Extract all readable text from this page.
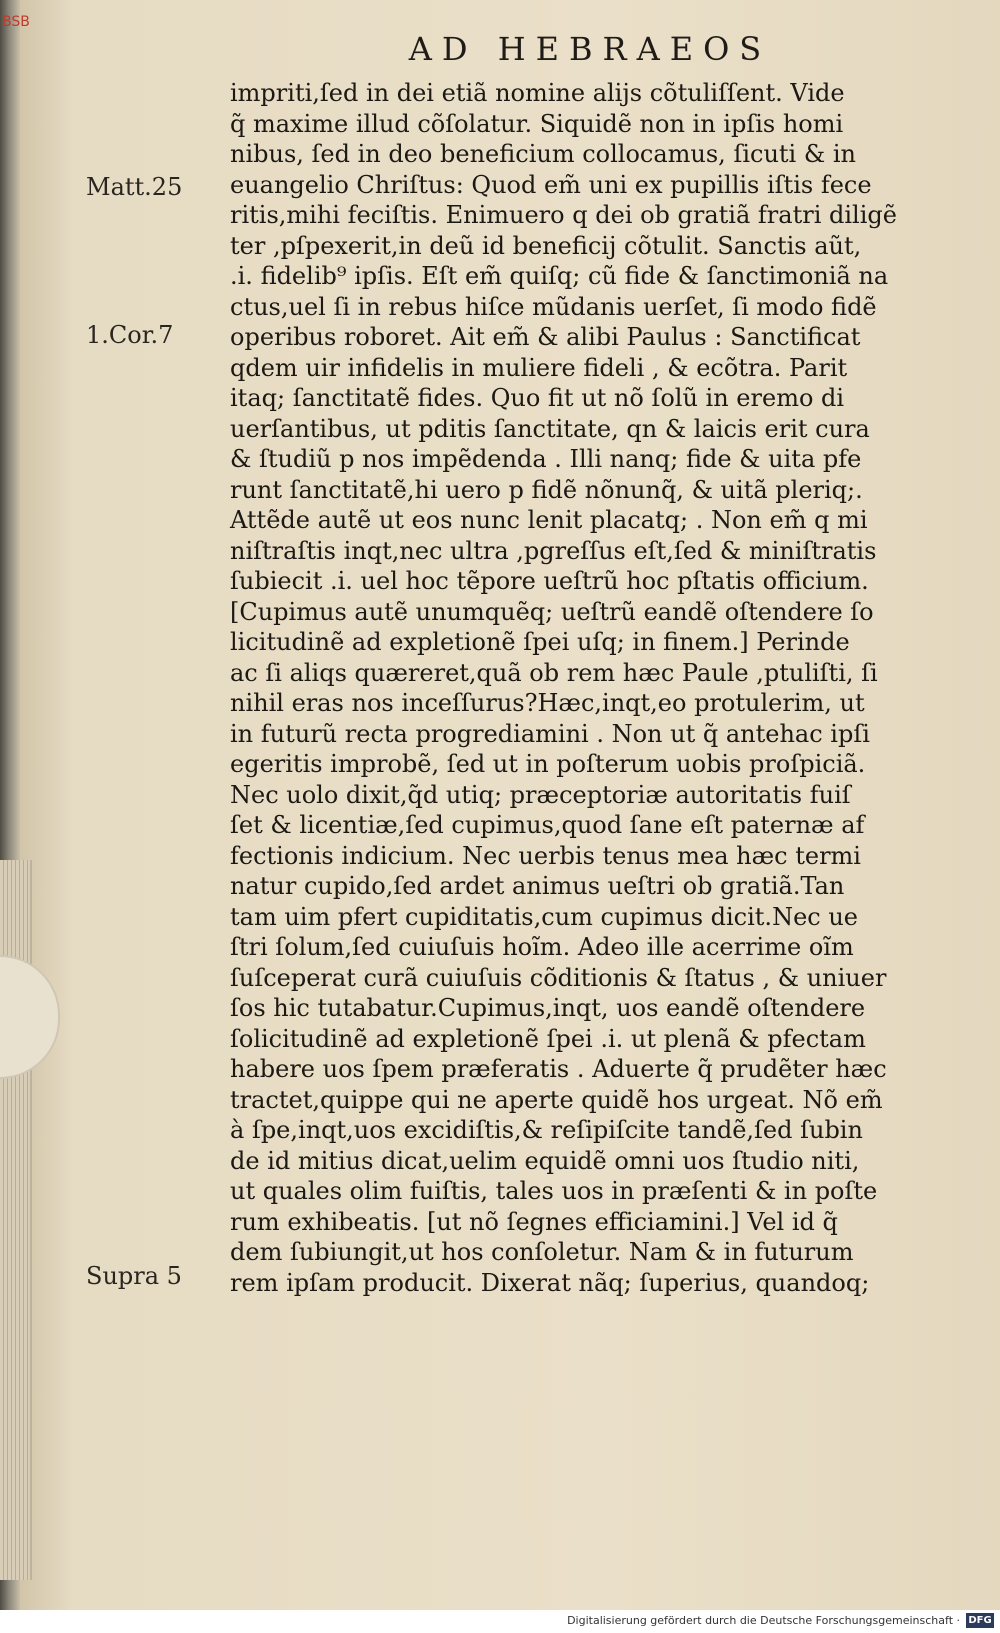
BSB
AD HEBRAEOS
Matt.25
1.Cor.7
Supra 5
impriti,ſed in dei etiã nomine alijs cõtuliſſent. Vide
q̃ maxime illud cõſolatur. Siquidẽ non in ipſis homi
nibus, ſed in deo beneficium collocamus, ſicuti & in
euangelio Chriſtus: Quod em̃ uni ex pupillis iſtis fece
ritis,mihi feciſtis. Enimuero q dei ob gratiã fratri diligẽ
ter ,pſpexerit,in deũ id beneficij cõtulit. Sanctis aũt,
.i. fidelib⁹ ipſis. Eſt em̃ quiſq; cũ fide & ſanctimoniã na
ctus,uel ſi in rebus hiſce mũdanis uerſet, ſi modo fidẽ
operibus roboret. Ait em̃ & alibi Paulus : Sanctificat
qdem uir infidelis in muliere fideli , & ecõtra. Parit
itaq; ſanctitatẽ fides. Quo fit ut nõ ſolũ in eremo di
uerſantibus, ut pditis ſanctitate, qn & laicis erit cura
& ſtudiũ p nos impẽdenda . Illi nanq; fide & uita pfe
runt ſanctitatẽ,hi uero p fidẽ nõnunq̃, & uitã pleriq;.
Attẽde autẽ ut eos nunc lenit placatq; . Non em̃ q mi
niſtraſtis inqt,nec ultra ,pgreſſus eſt,ſed & miniſtratis
ſubiecit .i. uel hoc tẽpore ueſtrũ hoc pſtatis officium.
[Cupimus autẽ unumquẽq; ueſtrũ eandẽ oſtendere ſo
licitudinẽ ad expletionẽ ſpei uſq; in finem.] Perinde
ac ſi aliqs quæreret,quã ob rem hæc Paule ,ptuliſti, ſi
nihil eras nos inceſſurus?Hæc,inqt,eo protulerim, ut
in futurũ recta progrediamini . Non ut q̃ antehac ipſi
egeritis improbẽ, ſed ut in poſterum uobis proſpiciã.
Nec uolo dixit,q̃d utiq; præceptoriæ autoritatis fuiſ
ſet & licentiæ,ſed cupimus,quod ſane eſt paternæ af
fectionis indicium. Nec uerbis tenus mea hæc termi
natur cupido,ſed ardet animus ueſtri ob gratiã.Tan
tam uim pfert cupiditatis,cum cupimus dicit.Nec ue
ſtri ſolum,ſed cuiuſuis hoĩm. Adeo ille acerrime oĩm
ſuſceperat curã cuiuſuis cõditionis & ſtatus , & uniuer
ſos hic tutabatur.Cupimus,inqt, uos eandẽ oſtendere
ſolicitudinẽ ad expletionẽ ſpei .i. ut plenã & pfectam
habere uos ſpem præferatis . Aduerte q̃ prudẽter hæc
tractet,quippe qui ne aperte quidẽ hos urgeat. Nõ em̃
à ſpe,inqt,uos excidiſtis,& reſipiſcite tandẽ,ſed ſubin
de id mitius dicat,uelim equidẽ omni uos ſtudio niti,
ut quales olim fuiſtis, tales uos in præſenti & in poſte
rum exhibeatis. [ut nõ ſegnes efficiamini.] Vel id q̃
dem ſubiungit,ut hos conſoletur. Nam & in futurum
rem ipſam producit. Dixerat nãq; ſuperius, quandoq;
Digitalisierung gefördert durch die Deutsche Forschungsgemeinschaft · DFG
